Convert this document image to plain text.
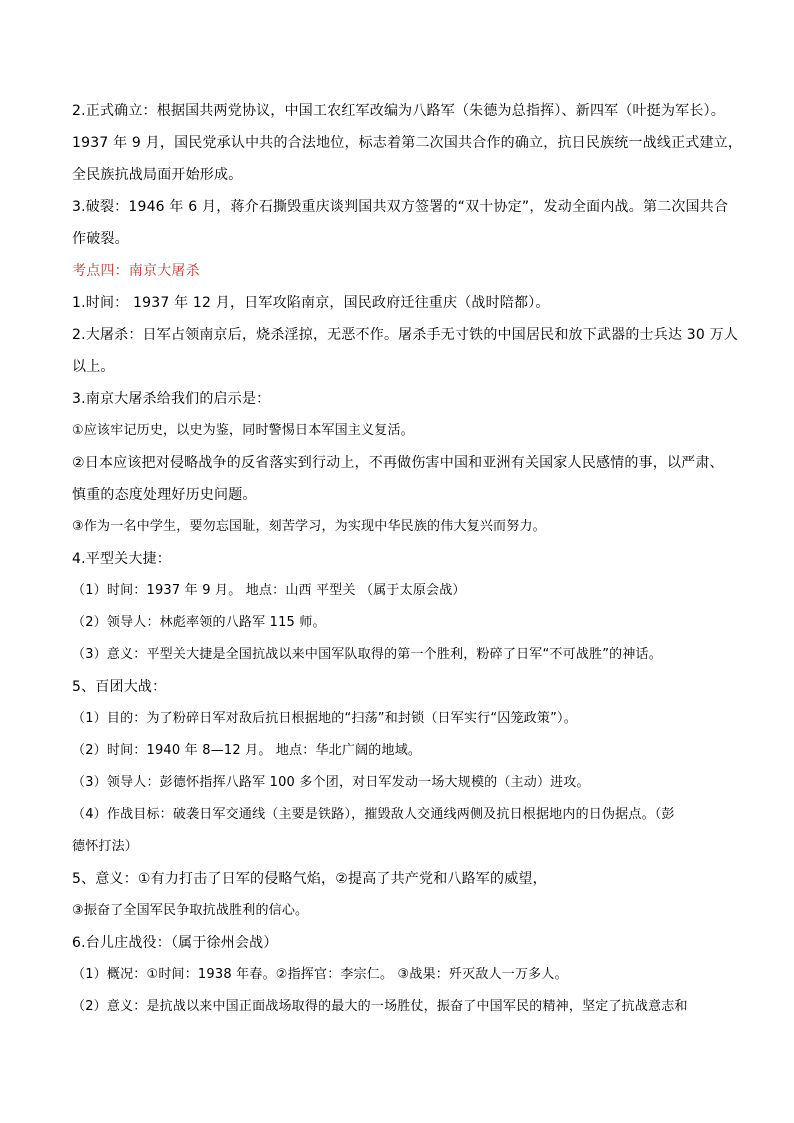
2.正式确立：根据国共两党协议，中国工农红军改编为八路军（朱德为总指挥）、新四军（叶挺为军长）。
1937 年 9 月，国民党承认中共的合法地位，标志着第二次国共合作的确立，抗日民族统一战线正式建立，
全民族抗战局面开始形成。
3.破裂：1946 年 6 月，蒋介石撕毁重庆谈判国共双方签署的“双十协定”，发动全面内战。第二次国共合
作破裂。
考点四：南京大屠杀
1.时间： 1937 年 12 月，日军攻陷南京，国民政府迁往重庆（战时陪都）。
2.大屠杀：日军占领南京后，烧杀淫掠，无恶不作。屠杀手无寸铁的中国居民和放下武器的士兵达 30 万人
以上。
3.南京大屠杀给我们的启示是：
①应该牢记历史，以史为鉴，同时警惕日本军国主义复活。
②日本应该把对侵略战争的反省落实到行动上，不再做伤害中国和亚洲有关国家人民感情的事，以严肃、
慎重的态度处理好历史问题。
③作为一名中学生，要勿忘国耻，刻苦学习，为实现中华民族的伟大复兴而努力。
4.平型关大捷：
（1）时间：1937 年 9 月。 地点：山西 平型关 （属于太原会战）
（2）领导人：林彪率领的八路军 115 师。
（3）意义：平型关大捷是全国抗战以来中国军队取得的第一个胜利，粉碎了日军“不可战胜”的神话。
5、百团大战：
（1）目的：为了粉碎日军对敌后抗日根据地的“扫荡”和封锁（日军实行“囚笼政策”）。
（2）时间：1940 年 8—12 月。 地点：华北广阔的地域。
（3）领导人：彭德怀指挥八路军 100 多个团，对日军发动一场大规模的（主动）进攻。
（4）作战目标：破袭日军交通线（主要是铁路），摧毁敌人交通线两侧及抗日根据地内的日伪据点。（彭
德怀打法）
5、意义：①有力打击了日军的侵略气焰，②提高了共产党和八路军的威望，
③振奋了全国军民争取抗战胜利的信心。
6.台儿庄战役：（属于徐州会战）
（1）概况：①时间：1938 年春。②指挥官：李宗仁。 ③战果：歼灭敌人一万多人。
（2）意义：是抗战以来中国正面战场取得的最大的一场胜仗，振奋了中国军民的精神，坚定了抗战意志和
